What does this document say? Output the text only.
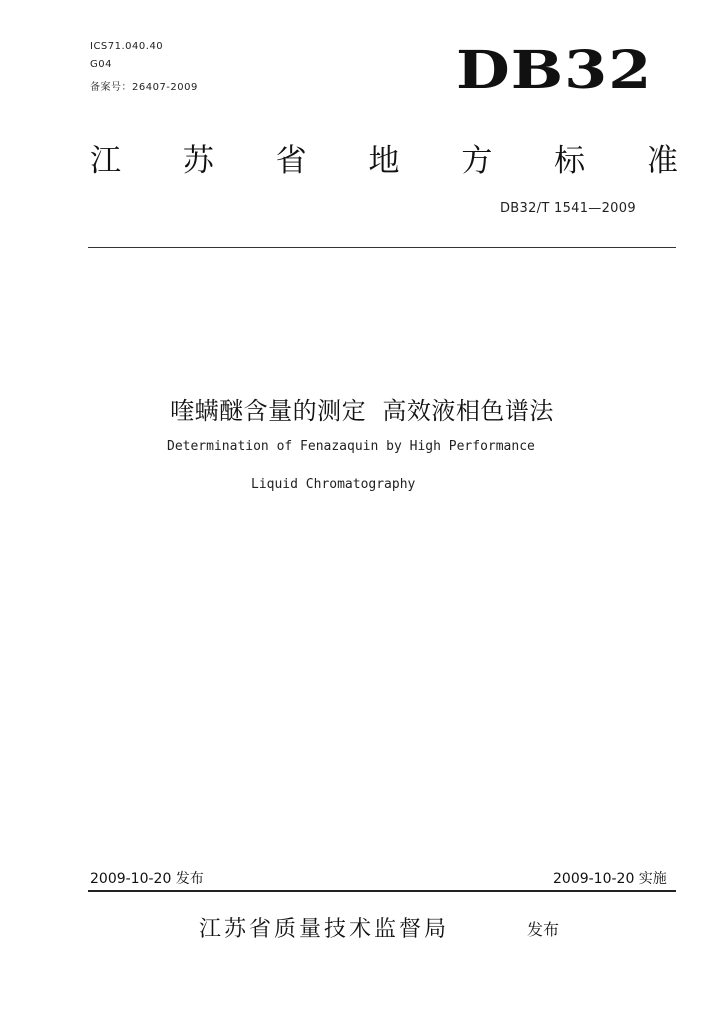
ICS71.040.40
G04
备案号：26407-2009	DB32
江 苏 省 地 方 标 准
DB32/T 1541—2009
喹螨醚含量的测定  高效液相色谱法
Determination of Fenazaquin by High Performance
Liquid Chromatography
2009-10-20 发布	2009-10-20 实施
江苏省质量技术监督局	发布
